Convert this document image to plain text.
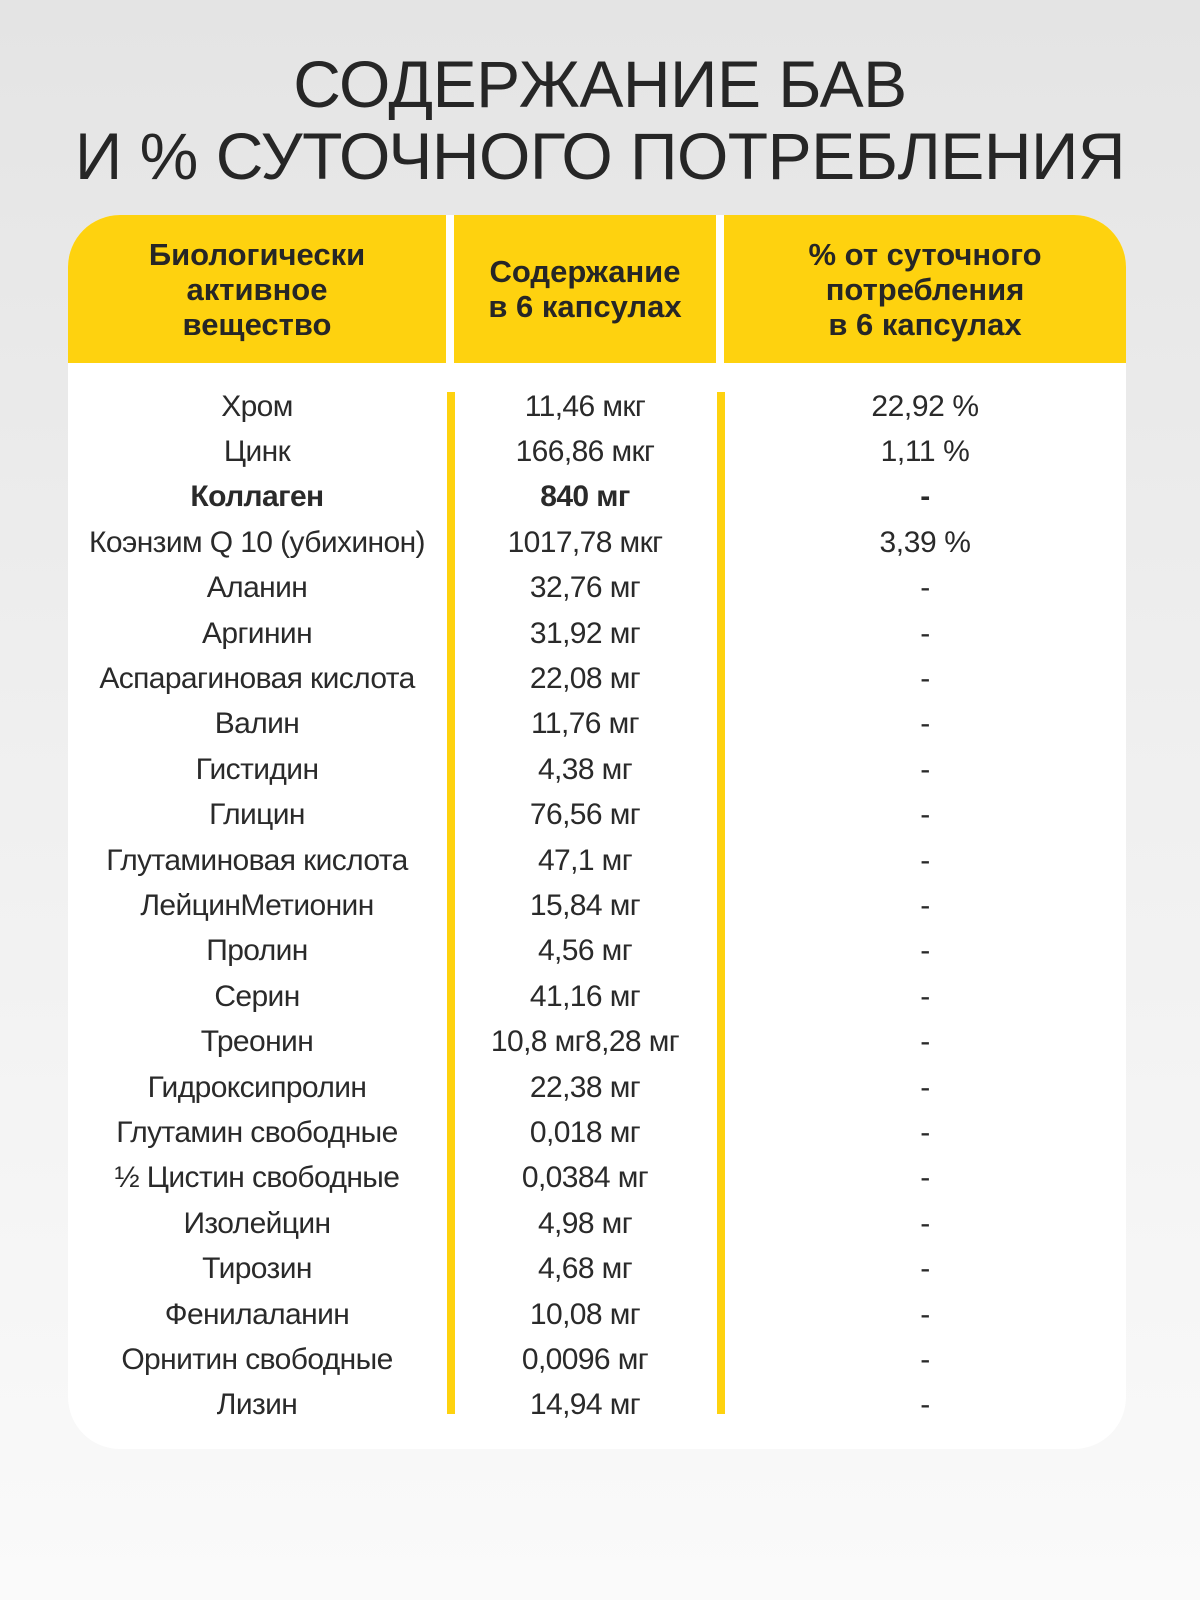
СОДЕРЖАНИЕ БАВ
И % СУТОЧНОГО ПОТРЕБЛЕНИЯ
Биологически
активное
вещество
Содержание
в 6 капсулах
% от суточного
потребления
в 6 капсулах
Хром	11,46 мкг	22,92 %
Цинк	166,86 мкг	1,11 %
Коллаген	840 мг	-
Коэнзим Q 10 (убихинон)	1017,78 мкг	3,39 %
Аланин	32,76 мг	-
Аргинин	31,92 мг	-
Аспарагиновая кислота	22,08 мг	-
Валин	11,76 мг	-
Гистидин	4,38 мг	-
Глицин	76,56 мг	-
Глутаминовая кислота	47,1 мг	-
ЛейцинМетионин	15,84 мг	-
Пролин	4,56 мг	-
Серин	41,16 мг	-
Треонин	10,8 мг8,28 мг	-
Гидроксипролин	22,38 мг	-
Глутамин свободные	0,018 мг	-
½ Цистин свободные	0,0384 мг	-
Изолейцин	4,98 мг	-
Тирозин	4,68 мг	-
Фенилаланин	10,08 мг	-
Орнитин свободные	0,0096 мг	-
Лизин	14,94 мг	-
